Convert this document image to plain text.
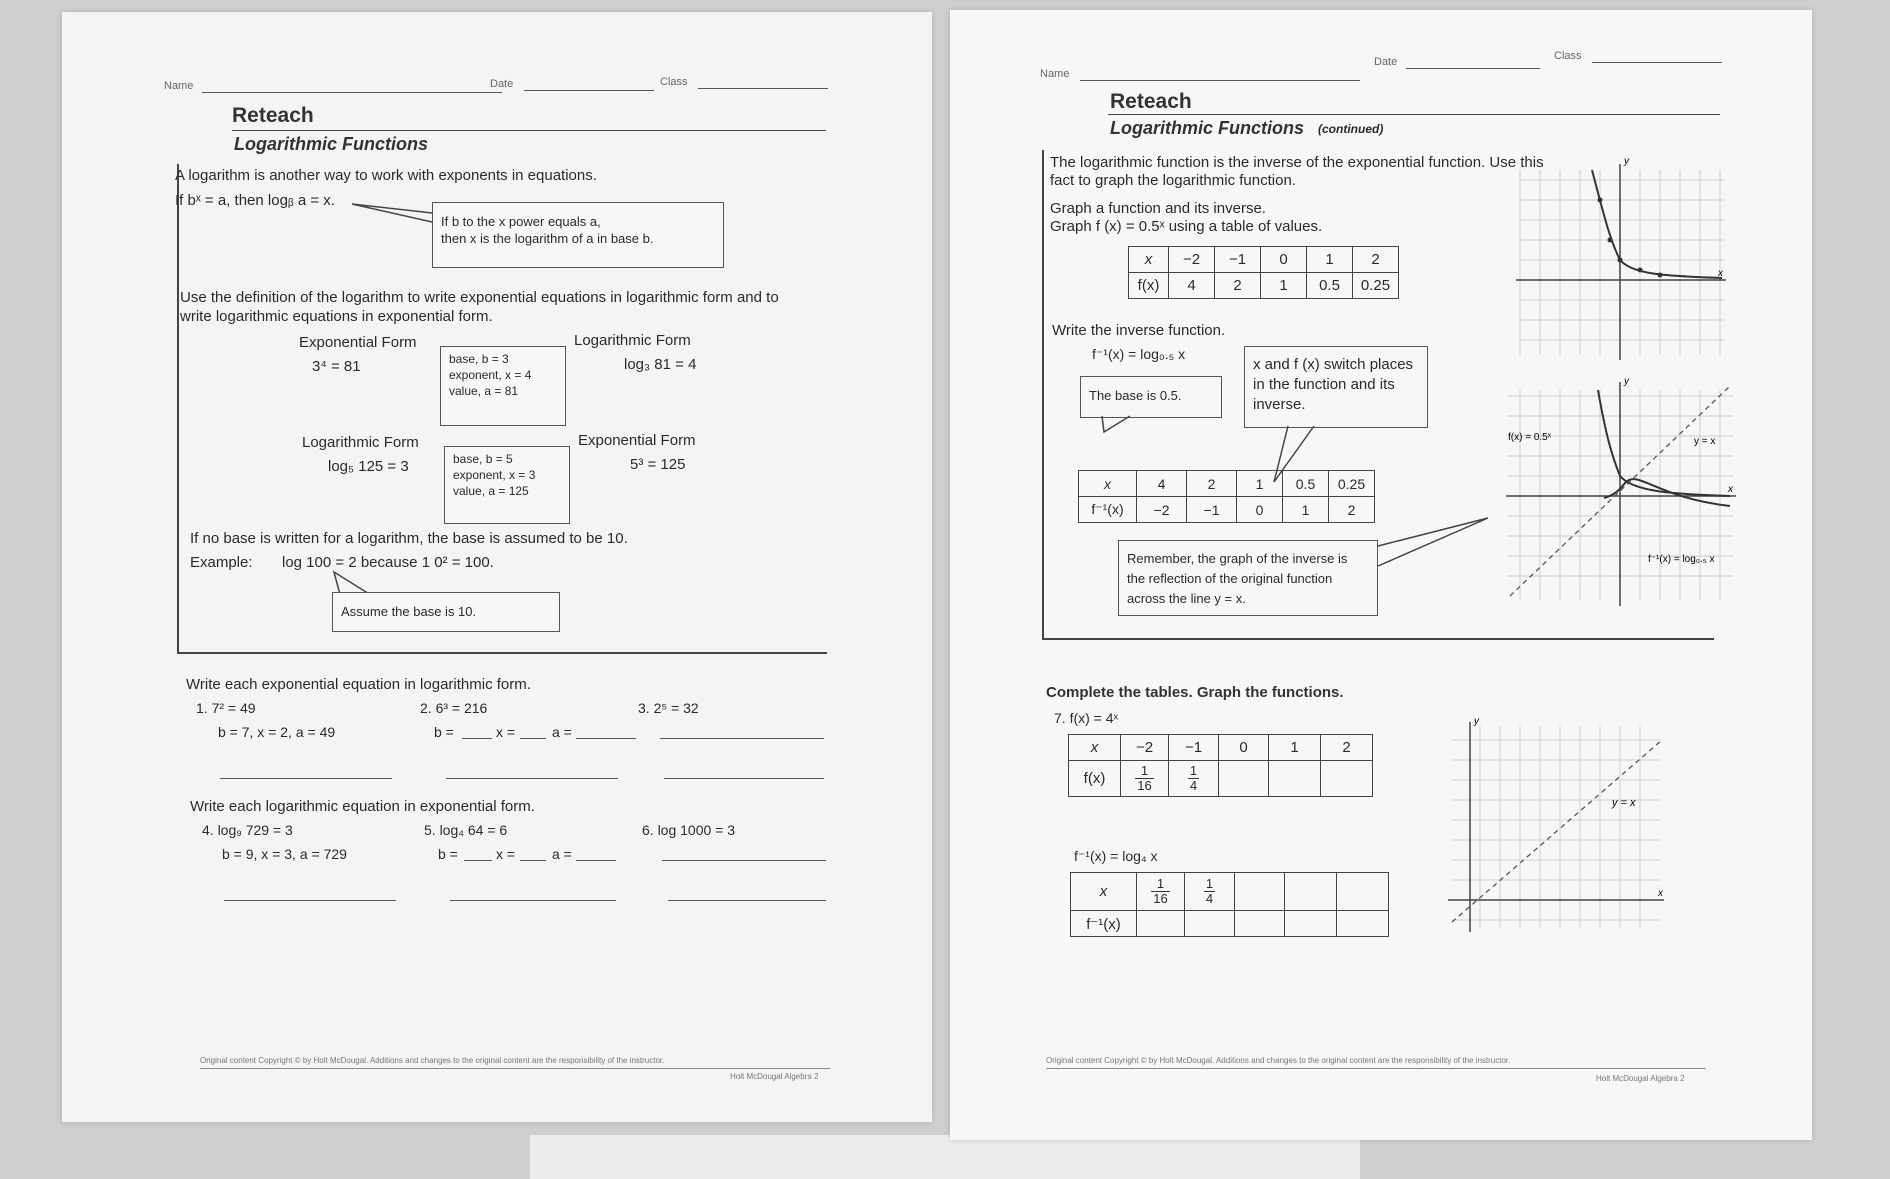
Name	Date	Class
Reteach
Logarithmic Functions
A logarithm is another way to work with exponents in equations.
If bˣ = a, then logᵦ a = x.
If b to the x power equals a,
then x is the logarithm of a in base b.
Use the definition of the logarithm to write exponential equations in logarithmic form and to
write logarithmic equations in exponential form.
Exponential Form
3⁴ = 81	base, b = 3
exponent, x = 4
value, a = 81
Logarithmic Form
log₃ 81 = 4
Logarithmic Form
log₅ 125 = 3	base, b = 5
exponent, x = 3
value, a = 125
Exponential Form
5³ = 125
If no base is written for a logarithm, the base is assumed to be 10.
Example: log 100 = 2 because 1 0² = 100.
Assume the base is 10.
Write each exponential equation in logarithmic form.
1. 7² = 49
b = 7, x = 2, a = 49
2. 6³ = 216
b =	x =	a =
3. 2⁵ = 32
Write each logarithmic equation in exponential form.
4. log₉ 729 = 3
b = 9, x = 3, a = 729
5. log₄ 64 = 6
b =	x =	a =
6. log 1000 = 3
Original content Copyright © by Holt McDougal. Additions and changes to the original content are the responsibility of the instructor.
Holt McDougal Algebra 2
Name
Date	Class
Reteach
Logarithmic Functions (continued)
The logarithmic function is the inverse of the exponential function. Use this
fact to graph the logarithmic function.
Graph a function and its inverse.
Graph f (x) = 0.5ˣ using a table of values.
x	−2	−1	0	1	2
f(x)	4	2	1	0.5	0.25
Write the inverse function.
f⁻¹(x) = log₀.₅ x
The base is 0.5.
x and f (x) switch places in the function and its inverse.
x	4	2	1	0.5	0.25
f⁻¹(x)	−2	−1	0	1	2
Remember, the graph of the inverse is the reflection of the original function across the line y = x.
x
y
x
y
f(x) = 0.5ˣ	y = x
f⁻¹(x) = log₀.₅ x
Complete the tables. Graph the functions.
7. f(x) = 4ˣ
x	−2	−1	0	1	2
f(x)	$\frac{1}{16}$	$\frac{1}{4}$

f⁻¹(x) = log₄ x
x	$\frac{1}{16}$	$\frac{1}{4}$

f⁻¹(x)					
x
y
y = x
Original content Copyright © by Holt McDougal. Additions and changes to the original content are the responsibility of the instructor.
Holt McDougal Algebra 2
